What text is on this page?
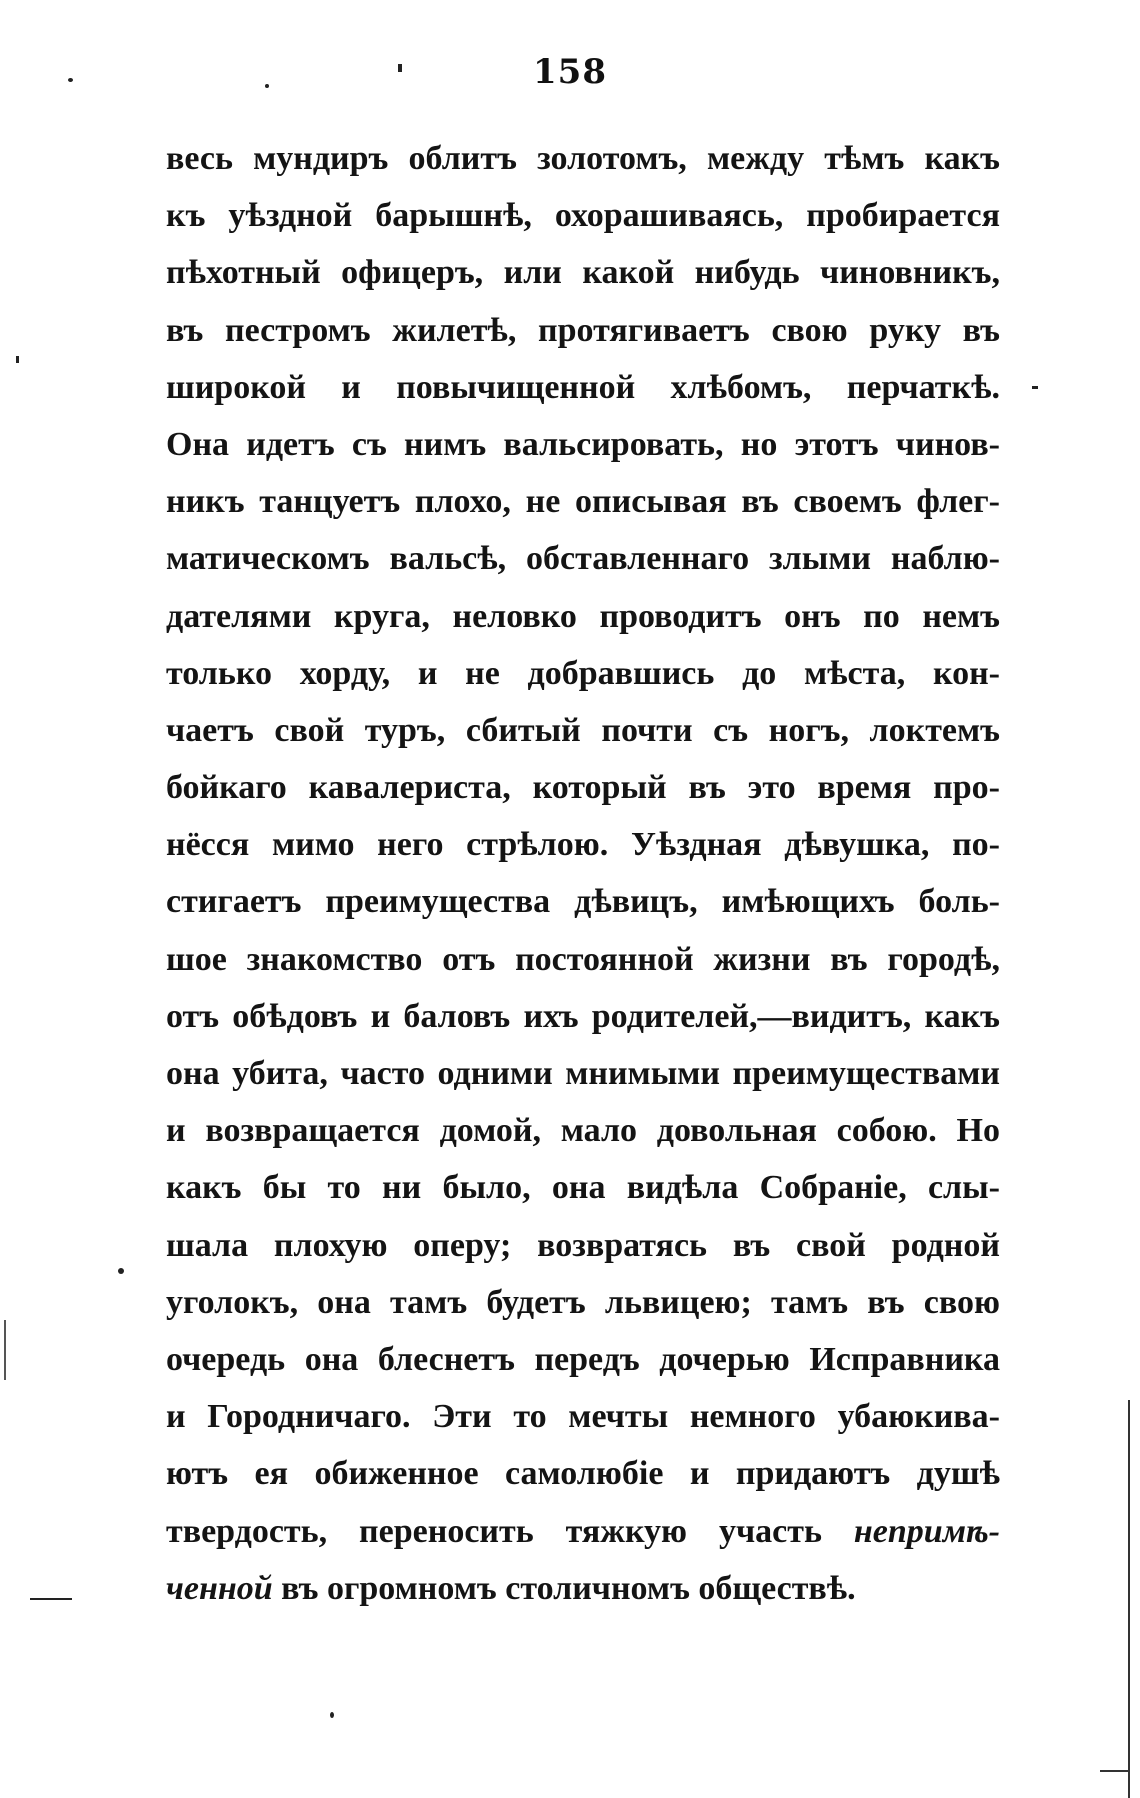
158
весь мундиръ облитъ золотомъ, между тѣмъ какъ
къ уѣздной барышнѣ, охорашиваясь, пробирается
пѣхотный офицеръ, или какой нибудь чиновникъ,
въ пестромъ жилетѣ, протягиваетъ свою руку въ
широкой и повычищенной хлѣбомъ, перчаткѣ.
Она идетъ съ нимъ вальсировать, но этотъ чинов-
никъ танцуетъ плохо, не описывая въ своемъ флег-
матическомъ вальсѣ, обставленнаго злыми наблю-
дателями круга, неловко проводитъ онъ по немъ
только хорду, и не добравшись до мѣста, кон-
чаетъ свой туръ, сбитый почти съ ногъ, локтемъ
бойкаго кавалериста, который въ это время про-
нёсся мимо него стрѣлою. Уѣздная дѣвушка, по-
стигаетъ преимущества дѣвицъ, имѣющихъ боль-
шое знакомство отъ постоянной жизни въ городѣ,
отъ обѣдовъ и баловъ ихъ родителей,—видитъ, какъ
она убита, часто одними мнимыми преимуществами
и возвращается домой, мало довольная собою. Но
какъ бы то ни было, она видѣла Собраніе, слы-
шала плохую оперу; возвратясь въ свой родной
уголокъ, она тамъ будетъ львицею; тамъ въ свою
очередь она блеснетъ передъ дочерью Исправника
и Городничаго. Эти то мечты немного убаюкива-
ютъ ея обиженное самолюбіе и придаютъ душѣ
твердость, переносить тяжкую участь непримѣ-
ченной въ огромномъ столичномъ обществѣ.
